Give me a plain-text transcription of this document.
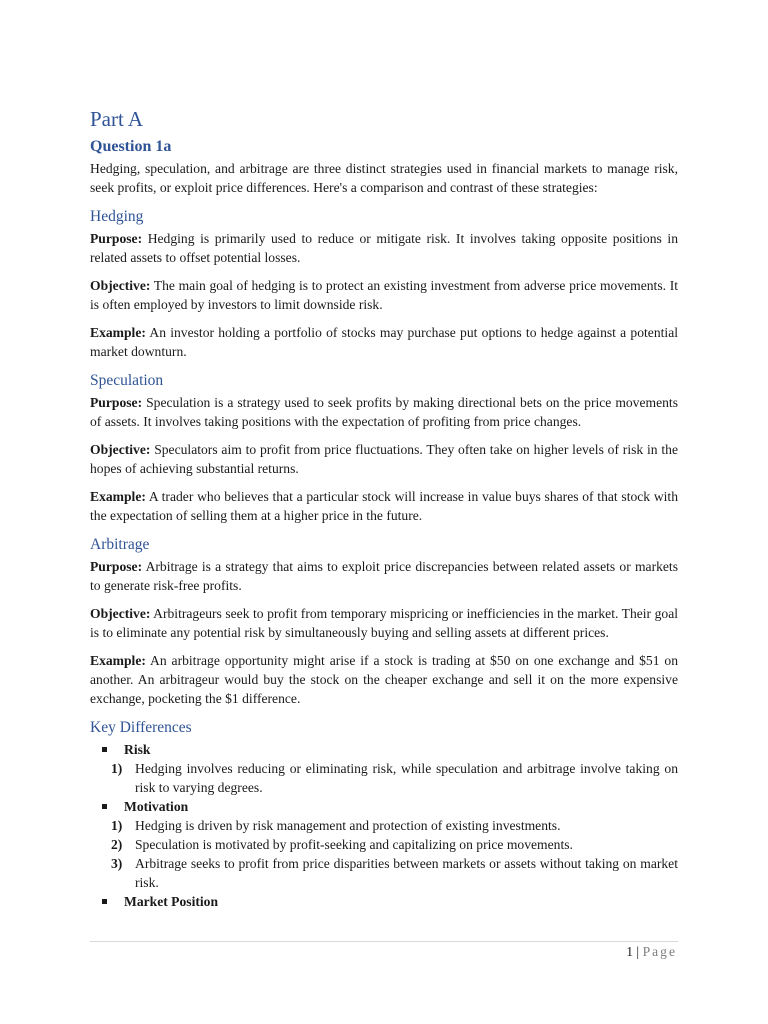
Part A
Question 1a

Hedging, speculation, and arbitrage are three distinct strategies used in financial markets to manage risk, seek profits, or exploit price differences. Here's a comparison and contrast of these strategies:

Hedging

Purpose: Hedging is primarily used to reduce or mitigate risk. It involves taking opposite positions in related assets to offset potential losses.

Objective: The main goal of hedging is to protect an existing investment from adverse price movements. It is often employed by investors to limit downside risk.

Example: An investor holding a portfolio of stocks may purchase put options to hedge against a potential market downturn.

Speculation

Purpose: Speculation is a strategy used to seek profits by making directional bets on the price movements of assets. It involves taking positions with the expectation of profiting from price changes.

Objective: Speculators aim to profit from price fluctuations. They often take on higher levels of risk in the hopes of achieving substantial returns.

Example: A trader who believes that a particular stock will increase in value buys shares of that stock with the expectation of selling them at a higher price in the future.

Arbitrage

Purpose: Arbitrage is a strategy that aims to exploit price discrepancies between related assets or markets to generate risk-free profits.

Objective: Arbitrageurs seek to profit from temporary mispricing or inefficiencies in the market. Their goal is to eliminate any potential risk by simultaneously buying and selling assets at different prices.

Example: An arbitrage opportunity might arise if a stock is trading at $50 on one exchange and $51 on another. An arbitrageur would buy the stock on the cheaper exchange and sell it on the more expensive exchange, pocketing the $1 difference.

Key Differences
Risk
1) Hedging involves reducing or eliminating risk, while speculation and arbitrage involve taking on risk to varying degrees.
Motivation
1) Hedging is driven by risk management and protection of existing investments.
2) Speculation is motivated by profit-seeking and capitalizing on price movements.
3) Arbitrage seeks to profit from price disparities between markets or assets without taking on market risk.
Market Position
1 | Page
